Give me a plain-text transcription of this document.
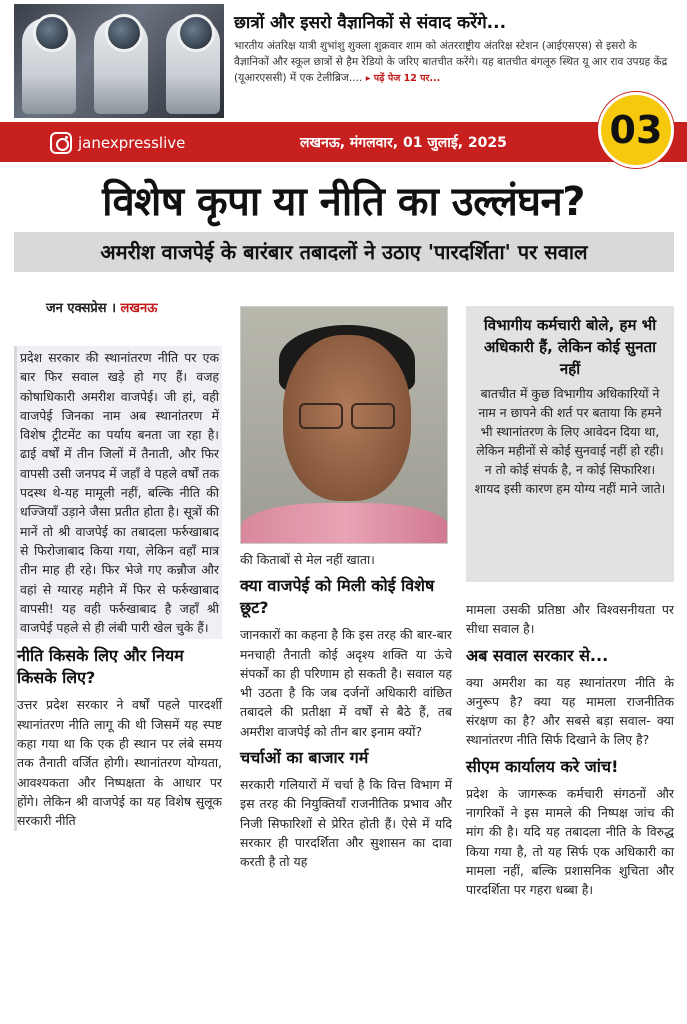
छात्रों और इसरो वैज्ञानिकों से संवाद करेंगे...
भारतीय अंतरिक्ष यात्री शुभांशु शुक्ला शुक्रवार शाम को अंतरराष्ट्रीय अंतरिक्ष स्टेशन (आईएसएस) से इसरो के वैज्ञानिकों और स्कूल छात्रों से हैम रेडियो के जरिए बातचीत करेंगे। यह बातचीत बंगलूरु स्थित यू आर राव उपग्रह केंद्र (यूआरएससी) में एक टेलीब्रिज.... ▸ पढ़ें पेज 12 पर...
janexpresslive	लखनऊ, मंगलवार, 01 जुलाई, 2025	03
विशेष कृपा या नीति का उल्लंघन?
अमरीश वाजपेई के बारंबार तबादलों ने उठाए 'पारदर्शिता' पर सवाल
जन एक्सप्रेस । लखनऊ

प्रदेश सरकार की स्थानांतरण नीति पर एक बार फिर सवाल खड़े हो गए हैं। वजह कोषाधिकारी अमरीश वाजपेई। जी हां, वही वाजपेई जिनका नाम अब स्थानांतरण में विशेष ट्रीटमेंट का पर्याय बनता जा रहा है। ढाई वर्षों में तीन जिलों में तैनाती, और फिर वापसी उसी जनपद में जहाँ वे पहले वर्षों तक पदस्थ थे-यह मामूली नहीं, बल्कि नीति की धज्जियाँ उड़ाने जैसा प्रतीत होता है। सूत्रों की मानें तो श्री वाजपेई का तबादला फर्रुखाबाद से फिरोजाबाद किया गया, लेकिन वहाँ मात्र तीन माह ही रहे। फिर भेजे गए कन्नौज और वहां से ग्यारह महीने में फिर से फर्रुखाबाद वापसी! यह वही फर्रुखाबाद है जहाँ श्री वाजपेई पहले से ही लंबी पारी खेल चुके हैं।

नीति किसके लिए और नियम किसके लिए?

उत्तर प्रदेश सरकार ने वर्षों पहले पारदर्शी स्थानांतरण नीति लागू की थी जिसमें यह स्पष्ट कहा गया था कि एक ही स्थान पर लंबे समय तक तैनाती वर्जित होगी। स्थानांतरण योग्यता, आवश्यकता और निष्पक्षता के आधार पर होंगे। लेकिन श्री वाजपेई का यह विशेष सुलूक सरकारी नीति

की किताबों से मेल नहीं खाता।

क्या वाजपेई को मिली कोई विशेष छूट?

जानकारों का कहना है कि इस तरह की बार-बार मनचाही तैनाती कोई अदृश्य शक्ति या ऊंचे संपर्कों का ही परिणाम हो सकती है। सवाल यह भी उठता है कि जब दर्जनों अधिकारी वांछित तबादले की प्रतीक्षा में वर्षों से बैठे हैं, तब अमरीश वाजपेई को तीन बार इनाम क्यों?

चर्चाओं का बाजार गर्म

सरकारी गलियारों में चर्चा है कि वित्त विभाग में इस तरह की नियुक्तियाँ राजनीतिक प्रभाव और निजी सिफारिशों से प्रेरित होती हैं। ऐसे में यदि सरकार ही पारदर्शिता और सुशासन का दावा करती है तो यह

विभागीय कर्मचारी बोले, हम भी अधिकारी हैं, लेकिन कोई सुनता नहीं

बातचीत में कुछ विभागीय अधिकारियों ने नाम न छापने की शर्त पर बताया कि हमने भी स्थानांतरण के लिए आवेदन दिया था, लेकिन महीनों से कोई सुनवाई नहीं हो रही। न तो कोई संपर्क है, न कोई सिफारिश। शायद इसी कारण हम योग्य नहीं माने जाते।

मामला उसकी प्रतिष्ठा और विश्वसनीयता पर सीधा सवाल है।

अब सवाल सरकार से...

क्या अमरीश का यह स्थानांतरण नीति के अनुरूप है? क्या यह मामला राजनीतिक संरक्षण का है? और सबसे बड़ा सवाल- क्या स्थानांतरण नीति सिर्फ दिखाने के लिए है?

सीएम कार्यालय करे जांच!

प्रदेश के जागरूक कर्मचारी संगठनों और नागरिकों ने इस मामले की निष्पक्ष जांच की मांग की है। यदि यह तबादला नीति के विरुद्ध किया गया है, तो यह सिर्फ एक अधिकारी का मामला नहीं, बल्कि प्रशासनिक शुचिता और पारदर्शिता पर गहरा धब्बा है।
